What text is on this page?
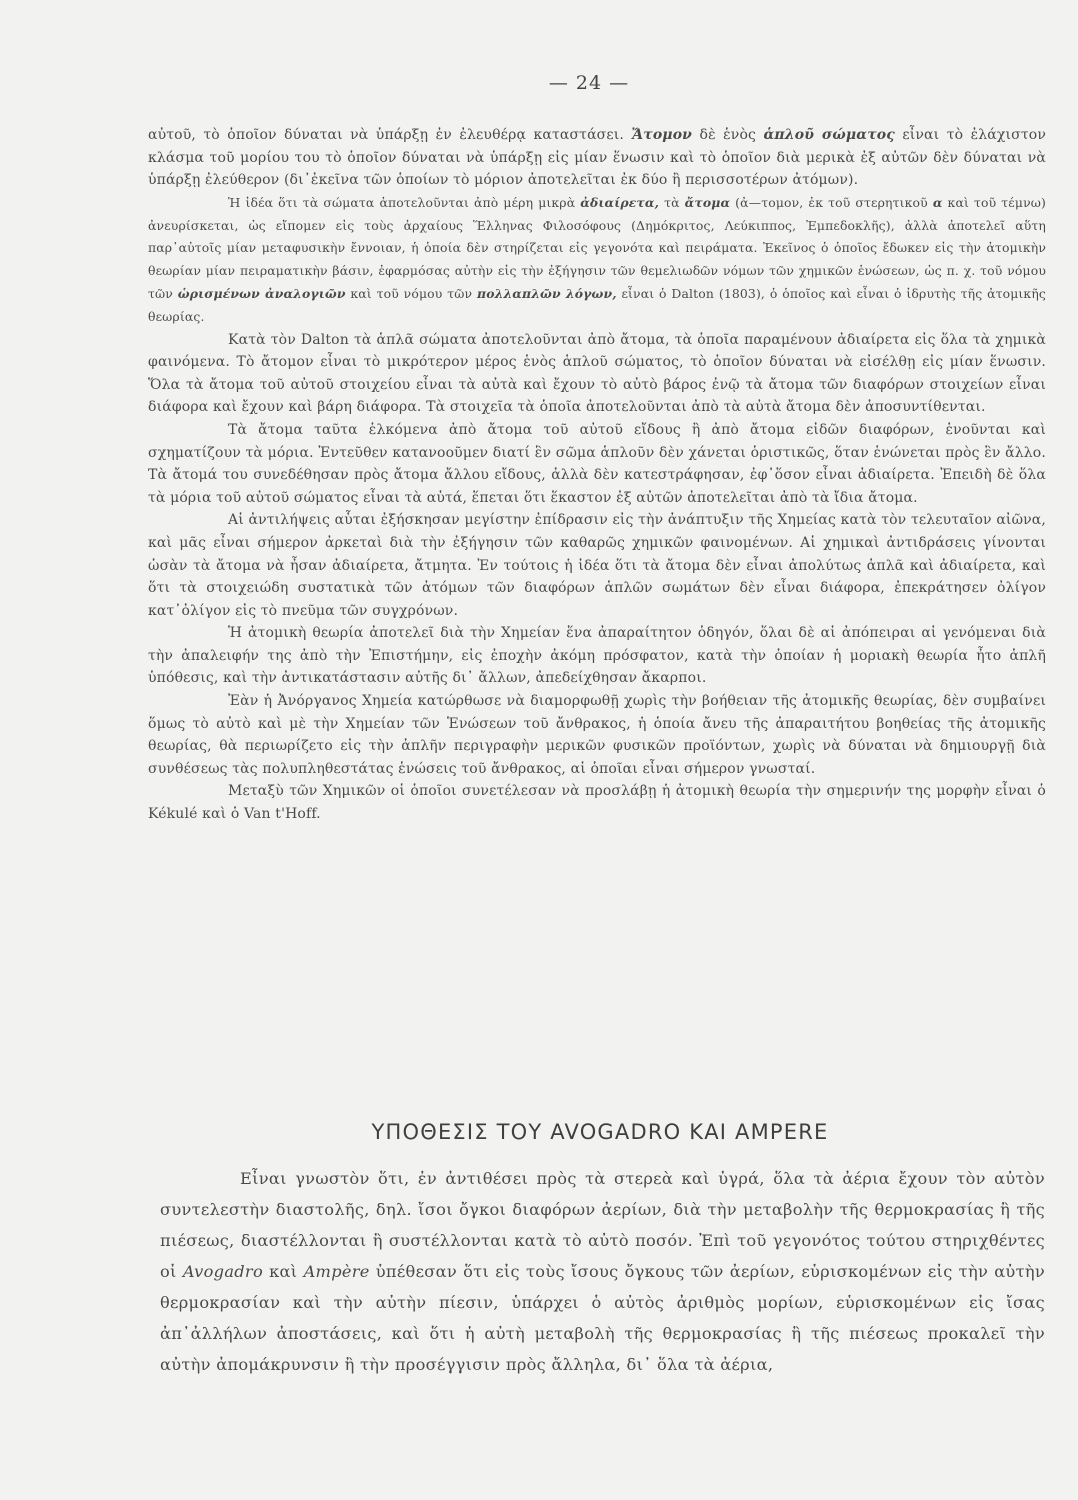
— 24 —

αὐτοῦ, τὸ ὁποῖον δύναται νὰ ὑπάρξῃ ἐν ἐλευθέρᾳ καταστάσει. Ἄτομον δὲ ἑνὸς ἁπλοῦ σώματος εἶναι τὸ ἐλάχιστον κλάσμα τοῦ μορίου του τὸ ὁποῖον δύναται νὰ ὑπάρξῃ εἰς μίαν ἕνωσιν καὶ τὸ ὁποῖον διὰ μερικὰ ἐξ αὐτῶν δὲν δύναται νὰ ὑπάρξῃ ἐλεύθερον (δι᾽ἐκεῖνα τῶν ὁποίων τὸ μόριον ἀποτελεῖται ἐκ δύο ἢ περισσοτέρων ἀτόμων).

Ἡ ἰδέα ὅτι τὰ σώματα ἀποτελοῦνται ἀπὸ μέρη μικρὰ ἀδιαίρετα, τὰ ἄτομα (ἀ—τομον, ἐκ τοῦ στερητικοῦ α καὶ τοῦ τέμνω) ἀνευρίσκεται, ὡς εἴπομεν εἰς τοὺς ἀρχαίους Ἕλληνας Φιλοσόφους (Δημόκριτος, Λεύκιππος, Ἐμπεδοκλῆς), ἀλλὰ ἀποτελεῖ αὕτη παρ᾽αὐτοῖς μίαν μεταφυσικὴν ἔννοιαν, ἡ ὁποία δὲν στηρίζεται εἰς γεγονότα καὶ πειράματα. Ἐκεῖνος ὁ ὁποῖος ἔδωκεν εἰς τὴν ἀτομικὴν θεωρίαν μίαν πειραματικὴν βάσιν, ἐφαρμόσας αὐτὴν εἰς τὴν ἐξήγησιν τῶν θεμελιωδῶν νόμων τῶν χημικῶν ἑνώσεων, ὡς π. χ. τοῦ νόμου τῶν ὡρισμένων ἀναλογιῶν καὶ τοῦ νόμου τῶν πολλαπλῶν λόγων, εἶναι ὁ Dalton (1803), ὁ ὁποῖος καὶ εἶναι ὁ ἱδρυτὴς τῆς ἀτομικῆς θεωρίας.

Κατὰ τὸν Dalton τὰ ἁπλᾶ σώματα ἀποτελοῦνται ἀπὸ ἄτομα, τὰ ὁποῖα παραμένουν ἀδιαίρετα εἰς ὅλα τὰ χημικὰ φαινόμενα. Τὸ ἄτομον εἶναι τὸ μικρότερον μέρος ἑνὸς ἁπλοῦ σώματος, τὸ ὁποῖον δύναται νὰ εἰσέλθῃ εἰς μίαν ἕνωσιν. Ὅλα τὰ ἄτομα τοῦ αὐτοῦ στοιχείου εἶναι τὰ αὐτὰ καὶ ἔχουν τὸ αὐτὸ βάρος ἐνῷ τὰ ἄτομα τῶν διαφόρων στοιχείων εἶναι διάφορα καὶ ἔχουν καὶ βάρη διάφορα. Τὰ στοιχεῖα τὰ ὁποῖα ἀποτελοῦνται ἀπὸ τὰ αὐτὰ ἄτομα δὲν ἀποσυντίθενται.

Τὰ ἄτομα ταῦτα ἑλκόμενα ἀπὸ ἄτομα τοῦ αὐτοῦ εἴδους ἢ ἀπὸ ἄτομα εἰδῶν διαφόρων, ἑνοῦνται καὶ σχηματίζουν τὰ μόρια. Ἐντεῦθεν κατανοοῦμεν διατί ἓν σῶμα ἁπλοῦν δὲν χάνεται ὁριστικῶς, ὅταν ἑνώνεται πρὸς ἓν ἄλλο. Τὰ ἄτομά του συνεδέθησαν πρὸς ἄτομα ἄλλου εἴδους, ἀλλὰ δὲν κατεστράφησαν, ἐφ᾽ὅσον εἶναι ἀδιαίρετα. Ἐπειδὴ δὲ ὅλα τὰ μόρια τοῦ αὐτοῦ σώματος εἶναι τὰ αὐτά, ἕπεται ὅτι ἕκαστον ἐξ αὐτῶν ἀποτελεῖται ἀπὸ τὰ ἴδια ἄτομα.

Αἱ ἀντιλήψεις αὗται ἐξήσκησαν μεγίστην ἐπίδρασιν εἰς τὴν ἀνάπτυξιν τῆς Χημείας κατὰ τὸν τελευταῖον αἰῶνα, καὶ μᾶς εἶναι σήμερον ἀρκεταὶ διὰ τὴν ἐξήγησιν τῶν καθαρῶς χημικῶν φαινομένων. Αἱ χημικαὶ ἀντιδράσεις γίνονται ὡσὰν τὰ ἄτομα νὰ ἦσαν ἀδιαίρετα, ἄτμητα. Ἐν τούτοις ἡ ἰδέα ὅτι τὰ ἄτομα δὲν εἶναι ἀπολύτως ἁπλᾶ καὶ ἀδιαίρετα, καὶ ὅτι τὰ στοιχειώδη συστατικὰ τῶν ἀτόμων τῶν διαφόρων ἁπλῶν σωμάτων δὲν εἶναι διάφορα, ἐπεκράτησεν ὀλίγον κατ᾽ὀλίγον εἰς τὸ πνεῦμα τῶν συγχρόνων.

Ἡ ἀτομικὴ θεωρία ἀποτελεῖ διὰ τὴν Χημείαν ἕνα ἀπαραίτητον ὁδηγόν, ὅλαι δὲ αἱ ἀπόπειραι αἱ γενόμεναι διὰ τὴν ἀπαλειφήν της ἀπὸ τὴν Ἐπιστήμην, εἰς ἐποχὴν ἀκόμη πρόσφατον, κατὰ τὴν ὁποίαν ἡ μοριακὴ θεωρία ἦτο ἁπλῆ ὑπόθεσις, καὶ τὴν ἀντικατάστασιν αὐτῆς δι᾽ ἄλλων, ἀπεδείχθησαν ἄκαρποι.

Ἐὰν ἡ Ἀνόργανος Χημεία κατώρθωσε νὰ διαμορφωθῇ χωρὶς τὴν βοήθειαν τῆς ἀτομικῆς θεωρίας, δὲν συμβαίνει ὅμως τὸ αὐτὸ καὶ μὲ τὴν Χημείαν τῶν Ἑνώσεων τοῦ ἄνθρακος, ἡ ὁποία ἄνευ τῆς ἀπαραιτήτου βοηθείας τῆς ἀτομικῆς θεωρίας, θὰ περιωρίζετο εἰς τὴν ἁπλῆν περιγραφὴν μερικῶν φυσικῶν προϊόντων, χωρὶς νὰ δύναται νὰ δημιουργῇ διὰ συνθέσεως τὰς πολυπληθεστάτας ἑνώσεις τοῦ ἄνθρακος, αἱ ὁποῖαι εἶναι σήμερον γνωσταί.

Μεταξὺ τῶν Χημικῶν οἱ ὁποῖοι συνετέλεσαν νὰ προσλάβῃ ἡ ἀτομικὴ θεωρία τὴν σημερινήν της μορφὴν εἶναι ὁ Kékulé καὶ ὁ Van t'Hoff.

ΥΠΟΘΕΣΙΣ ΤΟΥ AVOGADRO ΚΑΙ AMPERE

Εἶναι γνωστὸν ὅτι, ἐν ἀντιθέσει πρὸς τὰ στερεὰ καὶ ὑγρά, ὅλα τὰ ἀέρια ἔχουν τὸν αὐτὸν συντελεστὴν διαστολῆς, δηλ. ἴσοι ὄγκοι διαφόρων ἀερίων, διὰ τὴν μεταβολὴν τῆς θερμοκρασίας ἢ τῆς πιέσεως, διαστέλλονται ἢ συστέλλονται κατὰ τὸ αὐτὸ ποσόν. Ἐπὶ τοῦ γεγονότος τούτου στηριχθέντες οἱ Avogadro καὶ Ampère ὑπέθεσαν ὅτι εἰς τοὺς ἴσους ὄγκους τῶν ἀερίων, εὑρισκομένων εἰς τὴν αὐτὴν θερμοκρασίαν καὶ τὴν αὐτὴν πίεσιν, ὑπάρχει ὁ αὐτὸς ἀριθμὸς μορίων, εὑρισκομένων εἰς ἴσας ἀπ᾽ἀλλήλων ἀποστάσεις, καὶ ὅτι ἡ αὐτὴ μεταβολὴ τῆς θερμοκρασίας ἢ τῆς πιέσεως προκαλεῖ τὴν αὐτὴν ἀπομάκρυνσιν ἢ τὴν προσέγγισιν πρὸς ἄλληλα, δι᾽ ὅλα τὰ ἀέρια,
